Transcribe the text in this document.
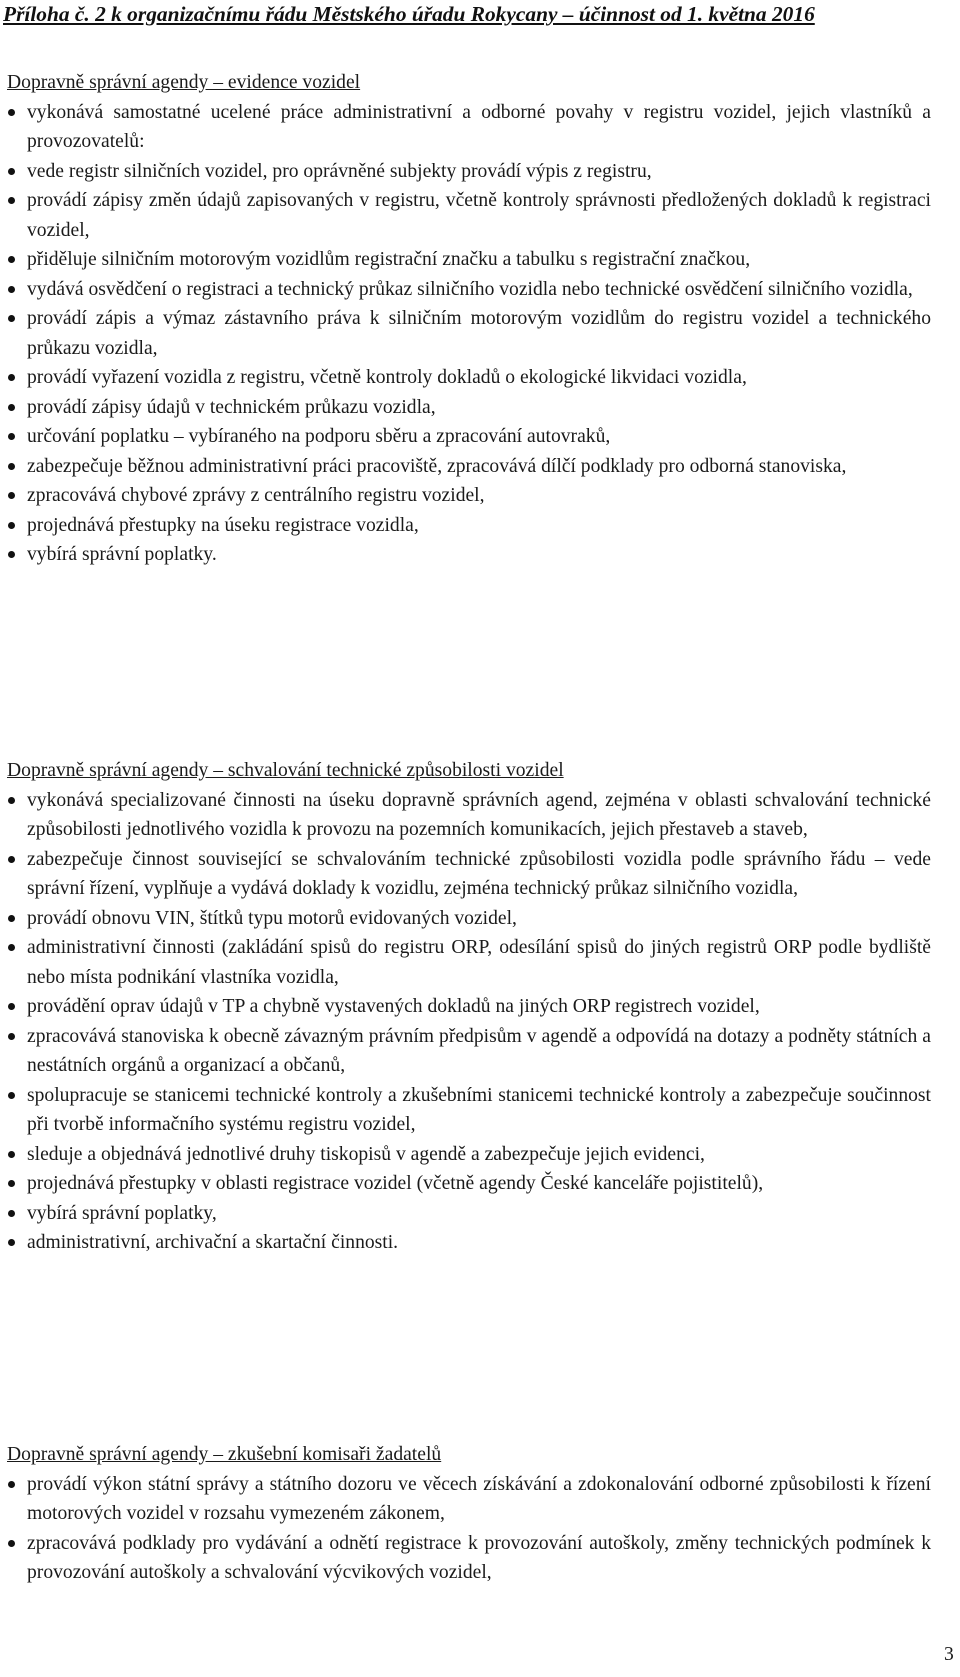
Příloha č. 2 k organizačnímu řádu Městského úřadu Rokycany – účinnost od 1. května 2016
Dopravně správní agendy – evidence vozidel
vykonává samostatné ucelené práce administrativní a odborné povahy v registru vozidel, jejich vlastníků a provozovatelů:
vede registr silničních vozidel, pro oprávněné subjekty provádí výpis z registru,
provádí zápisy změn údajů zapisovaných v registru, včetně kontroly správnosti předložených dokladů k registraci vozidel,
přiděluje silničním motorovým vozidlům registrační značku a tabulku s registrační značkou,
vydává osvědčení o registraci a technický průkaz silničního vozidla nebo technické osvědčení silničního vozidla,
provádí zápis a výmaz zástavního práva k silničním motorovým vozidlům do registru vozidel a technického průkazu vozidla,
provádí vyřazení vozidla z registru, včetně kontroly dokladů o ekologické likvidaci vozidla,
provádí zápisy údajů v technickém průkazu vozidla,
určování poplatku – vybíraného na podporu sběru a zpracování autovraků,
zabezpečuje běžnou administrativní práci pracoviště, zpracovává dílčí podklady pro odborná stanoviska,
zpracovává chybové zprávy z centrálního registru vozidel,
projednává přestupky na úseku registrace vozidla,
vybírá správní poplatky.
Dopravně správní agendy – schvalování technické způsobilosti vozidel
vykonává specializované činnosti na úseku dopravně správních agend, zejména v oblasti schvalování technické způsobilosti jednotlivého vozidla k provozu na pozemních komunikacích, jejich přestaveb a staveb,
zabezpečuje činnost související se schvalováním technické způsobilosti vozidla podle správního řádu – vede správní řízení, vyplňuje a vydává doklady k vozidlu, zejména technický průkaz silničního vozidla,
provádí obnovu VIN, štítků typu motorů evidovaných vozidel,
administrativní činnosti (zakládání spisů do registru ORP, odesílání spisů do jiných registrů ORP podle bydliště nebo místa podnikání vlastníka vozidla,
provádění oprav údajů v TP a chybně vystavených dokladů na jiných ORP registrech vozidel,
zpracovává stanoviska k obecně závazným právním předpisům v agendě a odpovídá na dotazy a podněty státních a nestátních orgánů a organizací a občanů,
spolupracuje se stanicemi technické kontroly a zkušebními stanicemi technické kontroly a zabezpečuje součinnost při tvorbě informačního systému registru vozidel,
sleduje a objednává jednotlivé druhy tiskopisů v agendě a zabezpečuje jejich evidenci,
projednává přestupky v oblasti registrace vozidel (včetně agendy České kanceláře pojistitelů),
vybírá správní poplatky,
administrativní, archivační a skartační činnosti.
Dopravně správní agendy – zkušební komisaři žadatelů
provádí výkon státní správy a státního dozoru ve věcech získávání a zdokonalování odborné způsobilosti k řízení motorových vozidel v rozsahu vymezeném zákonem,
zpracovává podklady pro vydávání a odnětí registrace k provozování autoškoly, změny technických podmínek k provozování autoškoly a schvalování výcvikových vozidel,
3
